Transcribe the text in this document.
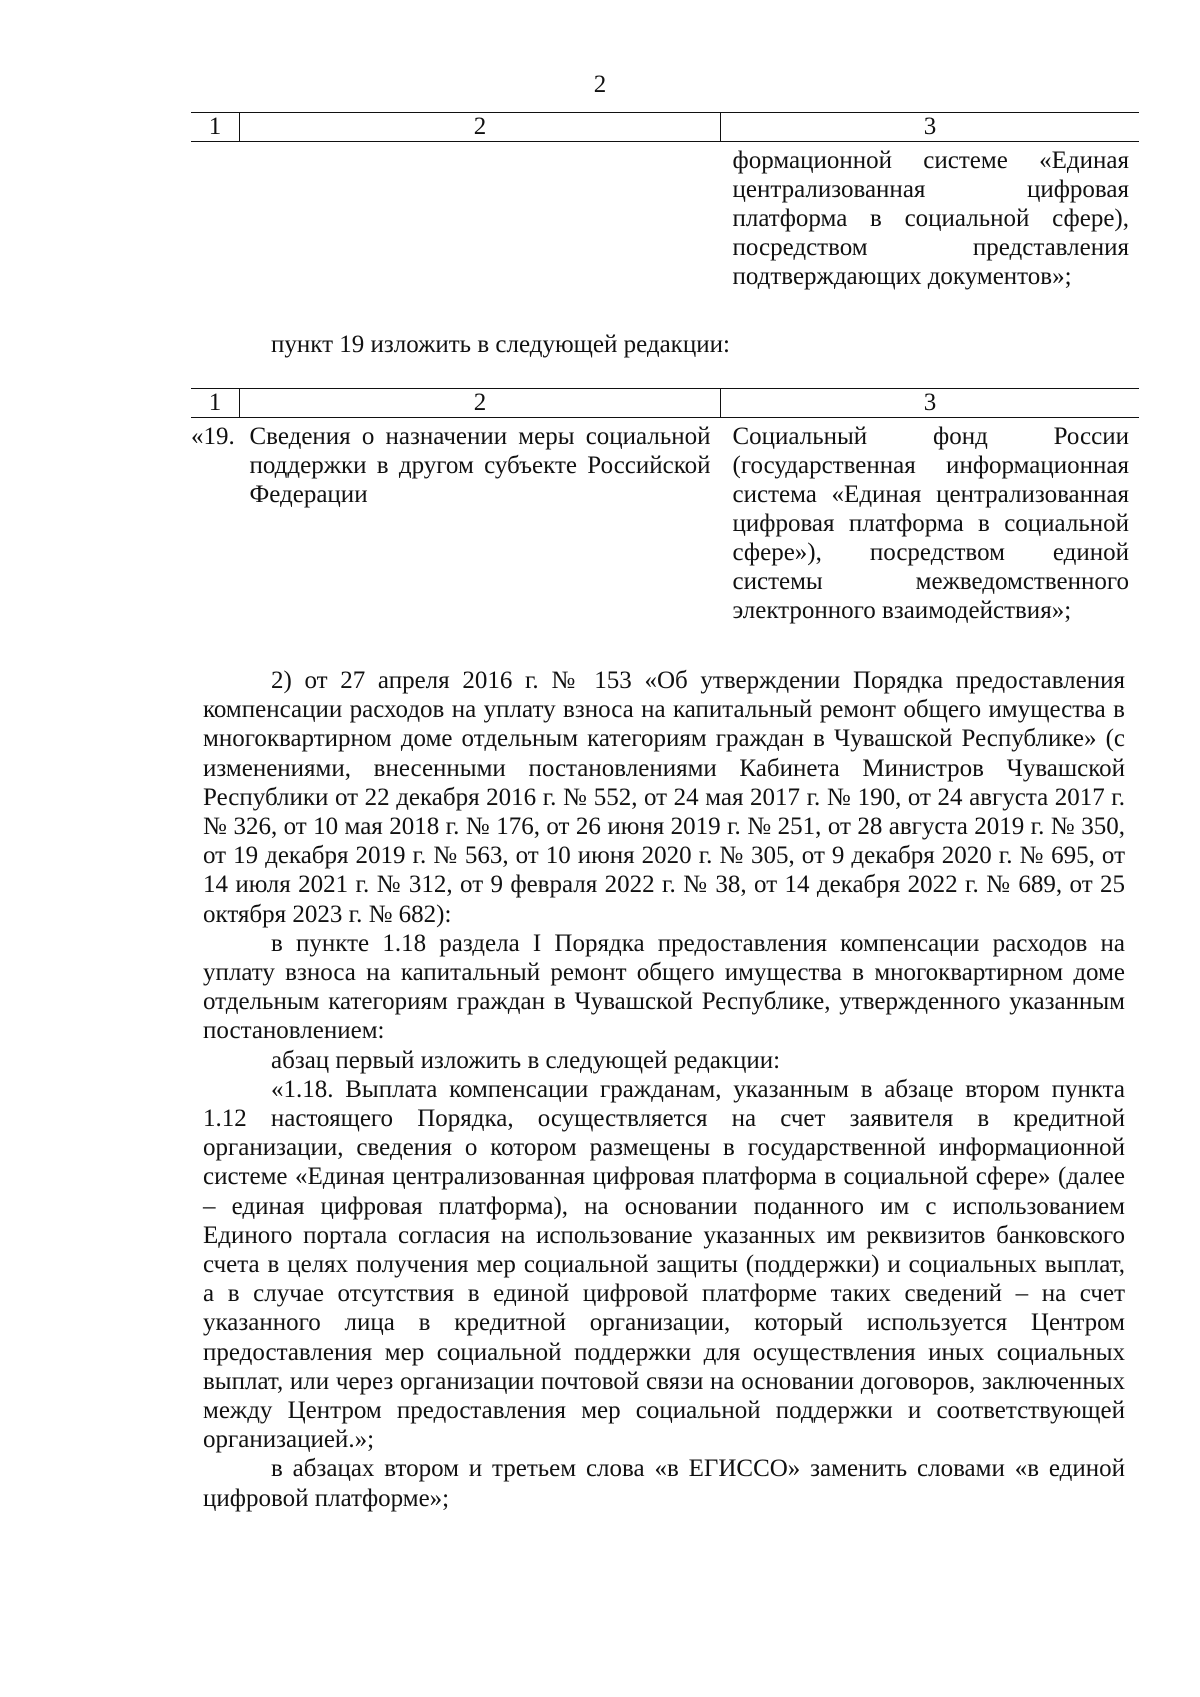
2
1	2	3
		формационной системе «Единая централизованная цифровая платформа в социальной сфере), посредством представления подтверждающих документов»;

пункт 19 изложить в следующей редакции:

1	2	3
«19.	Сведения о назначении меры социальной поддержки в другом субъекте Российской Федерации	Социальный фонд России (государственная информационная система «Единая централизованная цифровая платформа в социальной сфере»), посредством единой системы межведомственного электронного взаимодействия»;

2) от 27 апреля 2016 г. № 153 «Об утверждении Порядка предоставления компенсации расходов на уплату взноса на капитальный ремонт общего имущества в многоквартирном доме отдельным категориям граждан в Чувашской Республике» (с изменениями, внесенными постановлениями Кабинета Министров Чувашской Республики от 22 декабря 2016 г. № 552, от 24 мая 2017 г. № 190, от 24 августа 2017 г. № 326, от 10 мая 2018 г. № 176, от 26 июня 2019 г. № 251, от 28 августа 2019 г. № 350, от 19 декабря 2019 г. № 563, от 10 июня 2020 г. № 305, от 9 декабря 2020 г. № 695, от 14 июля 2021 г. № 312, от 9 февраля 2022 г. № 38, от 14 декабря 2022 г. № 689, от 25 октября 2023 г. № 682):

в пункте 1.18 раздела I Порядка предоставления компенсации расходов на уплату взноса на капитальный ремонт общего имущества в многоквартирном доме отдельным категориям граждан в Чувашской Республике, утвержденного указанным постановлением:

абзац первый изложить в следующей редакции:

«1.18. Выплата компенсации гражданам, указанным в абзаце втором пункта 1.12 настоящего Порядка, осуществляется на счет заявителя в кредитной организации, сведения о котором размещены в государственной информационной системе «Единая централизованная цифровая платформа в социальной сфере» (далее – единая цифровая платформа), на основании поданного им с использованием Единого портала согласия на использование указанных им реквизитов банковского счета в целях получения мер социальной защиты (поддержки) и социальных выплат, а в случае отсутствия в единой цифровой платформе таких сведений – на счет указанного лица в кредитной организации, который используется Центром предоставления мер социальной поддержки для осуществления иных социальных выплат, или через организации почтовой связи на основании договоров, заключенных между Центром предоставления мер социальной поддержки и соответствующей организацией.»;

в абзацах втором и третьем слова «в ЕГИССО» заменить словами «в единой цифровой платформе»;
